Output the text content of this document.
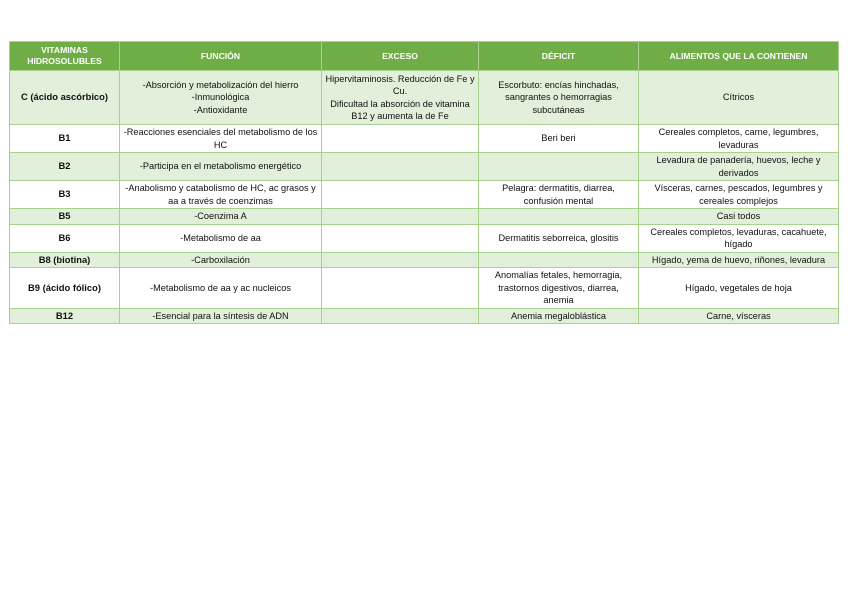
VITAMINAS HIDROSOLUBLES	FUNCIÓN	EXCESO	DÉFICIT	ALIMENTOS QUE LA CONTIENEN
C (ácido ascórbico)	-Absorción y metabolización del hierro
-Inmunológica
-Antioxidante	Hipervitaminosis. Reducción de Fe y Cu.
Dificultad la absorción de vitamina B12 y aumenta la de Fe	Escorbuto: encías hinchadas, sangrantes o hemorragias subcutáneas	Cítricos
B1	-Reacciones esenciales del metabolismo de los HC		Beri beri	Cereales completos, carne, legumbres, levaduras
B2	-Participa en el metabolismo energético			Levadura de panadería, huevos, leche y derivados
B3	-Anabolismo y catabolismo de HC, ac grasos y aa a través de coenzimas		Pelagra: dermatitis, diarrea, confusión mental	Vísceras, carnes, pescados, legumbres y cereales complejos
B5	-Coenzima A			Casi todos
B6	-Metabolismo de aa		Dermatitis seborreica, glositis	Cereales completos, levaduras, cacahuete, hígado
B8 (biotina)	-Carboxilación			Hígado, yema de huevo, riñones, levadura
B9 (ácido fólico)	-Metabolismo de aa y ac nucleicos		Anomalías fetales, hemorragia, trastornos digestivos, diarrea, anemia	Hígado, vegetales de hoja
B12	-Esencial para la síntesis de ADN		Anemia megaloblástica	Carne, vísceras
